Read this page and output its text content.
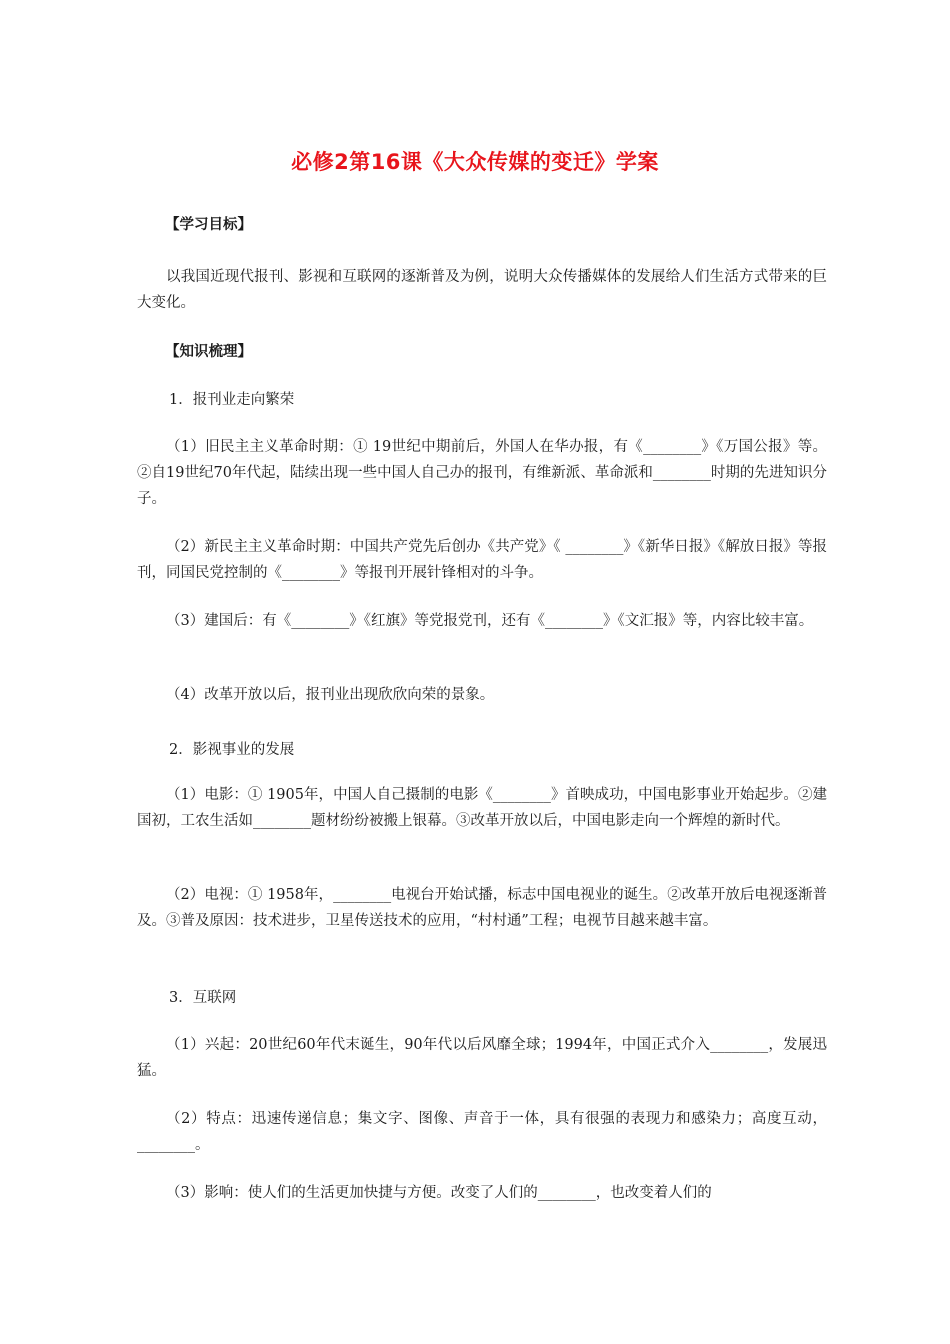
必修2第16课《大众传媒的变迁》学案
【学习目标】

以我国近现代报刊、影视和互联网的逐渐普及为例，说明大众传播媒体的发展给人们生活方式带来的巨大变化。

【知识梳理】
1．报刊业走向繁荣

（1）旧民主主义革命时期：① 19世纪中期前后，外国人在华办报，有《________》《万国公报》等。②自19世纪70年代起，陆续出现一些中国人自己办的报刊，有维新派、革命派和________时期的先进知识分子。

（2）新民主主义革命时期：中国共产党先后创办《共产党》《 ________》《新华日报》《解放日报》等报刊，同国民党控制的《________》等报刊开展针锋相对的斗争。

（3）建国后：有《________》《红旗》等党报党刊，还有《________》《文汇报》等，内容比较丰富。

（4）改革开放以后，报刊业出现欣欣向荣的景象。

2．影视事业的发展

（1）电影：① 1905年，中国人自己摄制的电影《________》首映成功，中国电影事业开始起步。②建国初，工农生活如________题材纷纷被搬上银幕。③改革开放以后，中国电影走向一个辉煌的新时代。

（2）电视：① 1958年，________电视台开始试播，标志中国电视业的诞生。②改革开放后电视逐渐普及。③普及原因：技术进步，卫星传送技术的应用，“村村通”工程；电视节目越来越丰富。

3．互联网

（1）兴起：20世纪60年代末诞生，90年代以后风靡全球；1994年，中国正式介入________，发展迅猛。

（2）特点：迅速传递信息；集文字、图像、声音于一体，具有很强的表现力和感染力；高度互动，________。

（3）影响：使人们的生活更加快捷与方便。改变了人们的________，也改变着人们的
